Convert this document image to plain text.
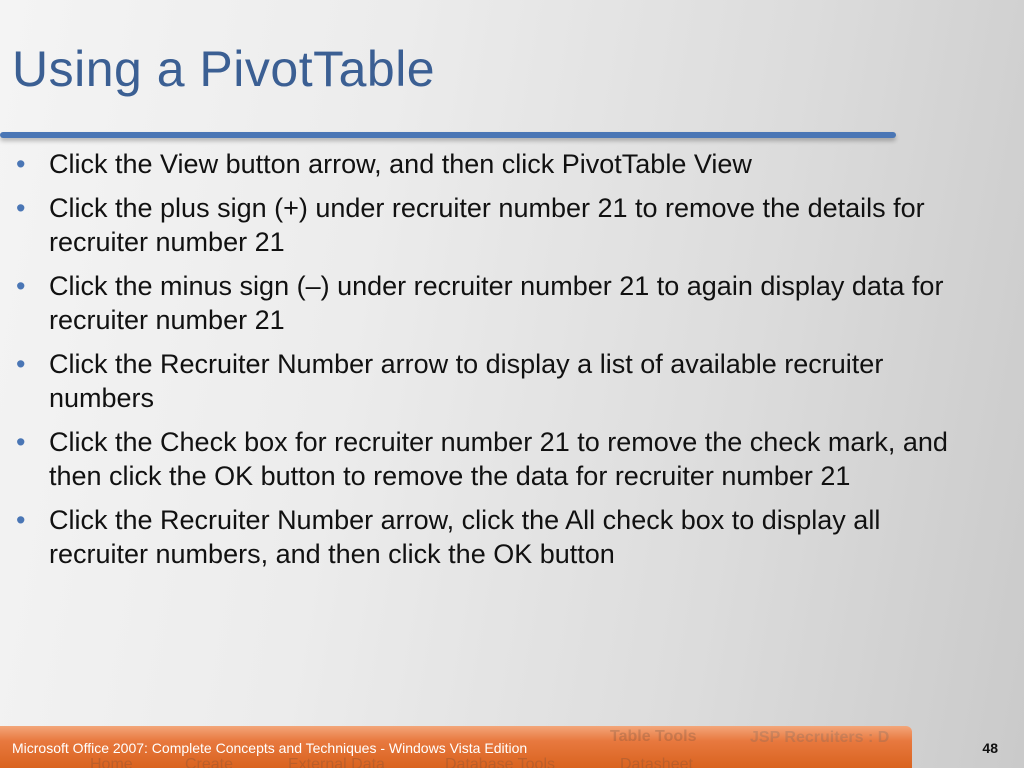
Using a PivotTable
• Click the View button arrow, and then click PivotTable View
• Click the plus sign (+) under recruiter number 21 to remove the details for recruiter number 21
• Click the minus sign (–) under recruiter number 21 to again display data for recruiter number 21
• Click the Recruiter Number arrow to display a list of available recruiter numbers
• Click the Check box for recruiter number 21 to remove the check mark, and then click the OK button to remove the data for recruiter number 21
• Click the Recruiter Number arrow, click the All check box to display all recruiter numbers, and then click the OK button
Table Tools
Home	Create	External Data	Database Tools	Datasheet
JSP Recruiters : D
Microsoft Office 2007: Complete Concepts and Techniques - Windows Vista Edition	48
